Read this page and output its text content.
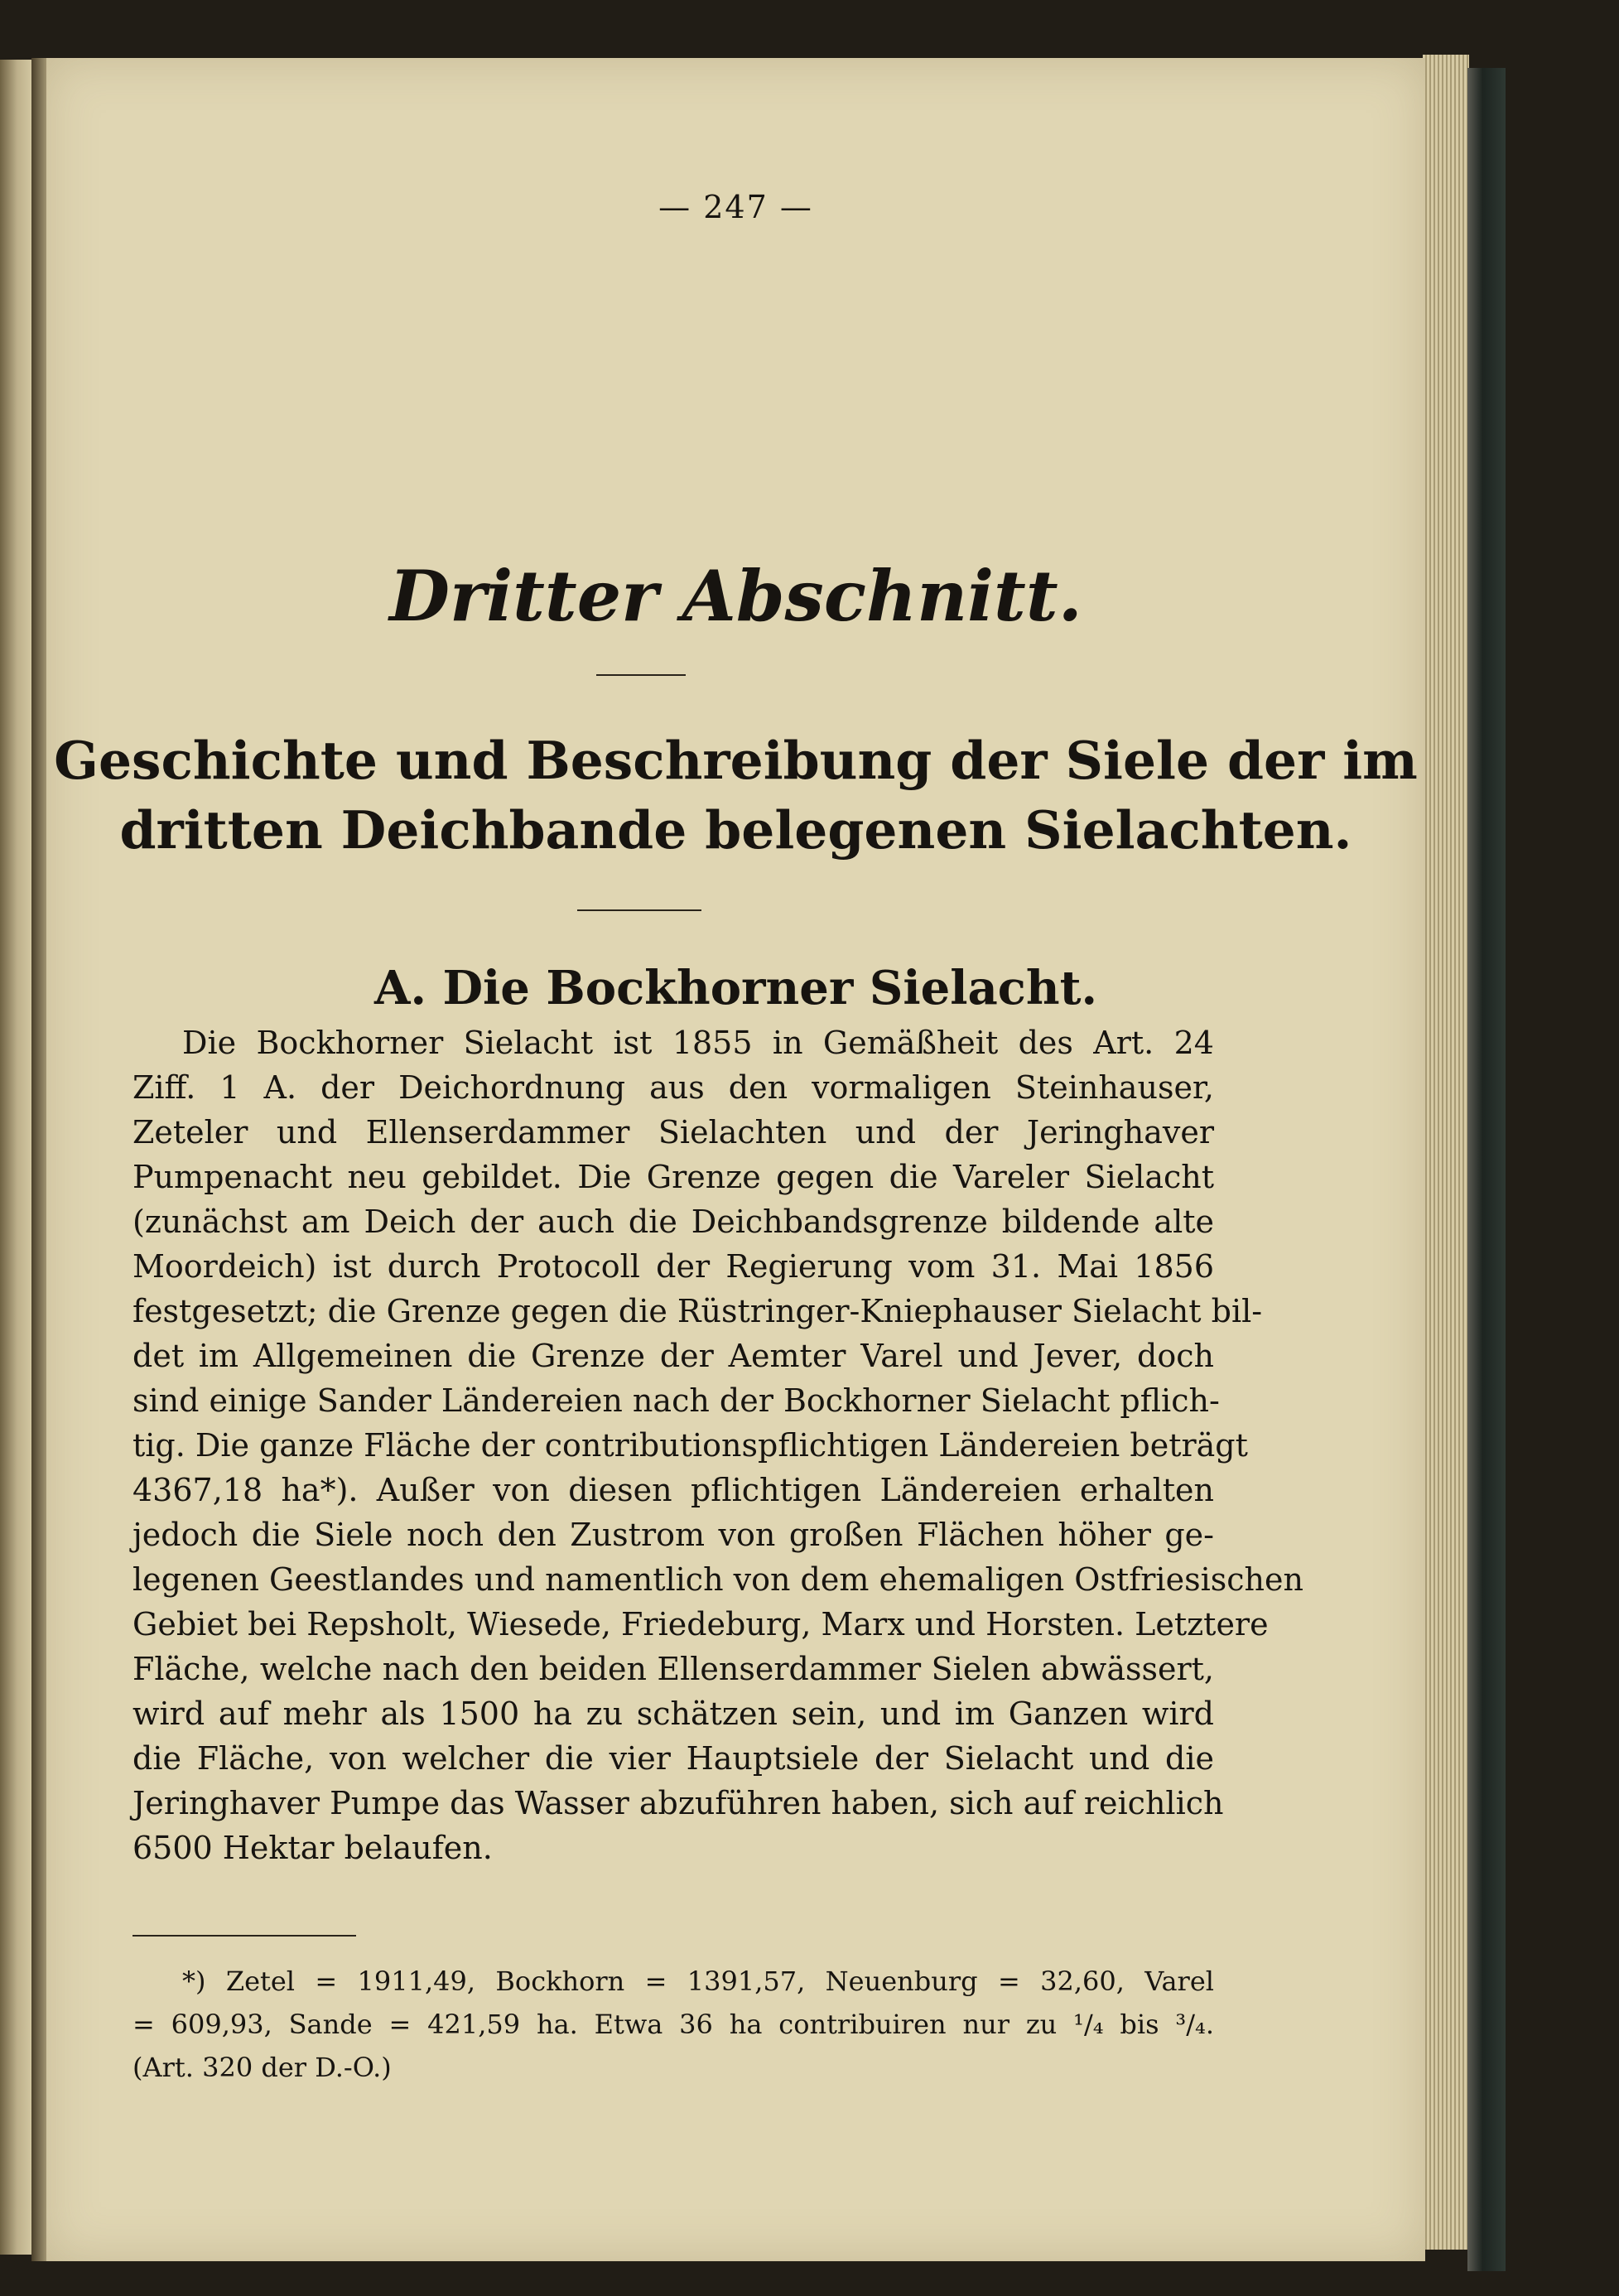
— 247 —

Dritter Abschnitt.

Geschichte und Beschreibung der Siele der im
dritten Deichbande belegenen Sielachten.

A. Die Bockhorner Sielacht.

Die Bockhorner Sielacht ist 1855 in Gemäßheit des Art. 24

Ziff. 1 A. der Deichordnung aus den vormaligen Steinhauser,

Zeteler und Ellenserdammer Sielachten und der Jeringhaver

Pumpenacht neu gebildet. Die Grenze gegen die Vareler Sielacht

(zunächst am Deich der auch die Deichbandsgrenze bildende alte

Moordeich) ist durch Protocoll der Regierung vom 31. Mai 1856

festgesetzt; die Grenze gegen die Rüstringer-Kniephauser Sielacht bil-

det im Allgemeinen die Grenze der Aemter Varel und Jever, doch

sind einige Sander Ländereien nach der Bockhorner Sielacht pflich-

tig. Die ganze Fläche der contributionspflichtigen Ländereien beträgt

4367,18 ha*). Außer von diesen pflichtigen Ländereien erhalten

jedoch die Siele noch den Zustrom von großen Flächen höher ge-

legenen Geestlandes und namentlich von dem ehemaligen Ostfriesischen

Gebiet bei Repsholt, Wiesede, Friedeburg, Marx und Horsten. Letztere

Fläche, welche nach den beiden Ellenserdammer Sielen abwässert,

wird auf mehr als 1500 ha zu schätzen sein, und im Ganzen wird

die Fläche, von welcher die vier Hauptsiele der Sielacht und die

Jeringhaver Pumpe das Wasser abzuführen haben, sich auf reichlich

6500 Hektar belaufen.

*) Zetel = 1911,49, Bockhorn = 1391,57, Neuenburg = 32,60, Varel

= 609,93, Sande = 421,59 ha. Etwa 36 ha contribuiren nur zu ¹/₄ bis ³/₄.

(Art. 320 der D.-O.)
